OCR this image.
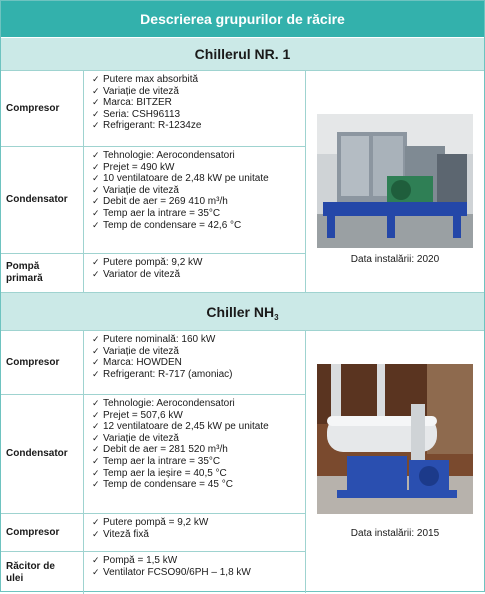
Descrierea grupurilor de răcire
Chillerul NR. 1
Compresor
✓ Putere max absorbită
✓ Variație de viteză
✓ Marca: BITZER
✓ Seria: CSH96113
✓ Refrigerant: R-1234ze
Condensator
✓ Tehnologie: Aerocondensatori
✓ Prejet = 490 kW
✓ 10 ventilatoare de 2,48 kW pe unitate
✓ Variație de viteză
✓ Debit de aer = 269 410 m³/h
✓ Temp aer la intrare = 35°C
✓ Temp de condensare = 42,6 °C
Pompă
primară
✓ Putere pompă: 9,2 kW
✓ Variator de viteză
Data instalării: 2020
Chiller $NH_3$
Compresor
✓ Putere nominală: 160 kW
✓ Variație de viteză
✓ Marca: HOWDEN
✓ Refrigerant: R-717 (amoniac)
Condensator
✓ Tehnologie: Aerocondensatori
✓ Prejet = 507,6 kW
✓ 12 ventilatoare de 2,45 kW pe unitate
✓ Variație de viteză
✓ Debit de aer = 281 520 m³/h
✓ Temp aer la intrare = 35°C
✓ Temp aer la ieșire = 40,5 °C
✓ Temp de condensare = 45 °C
Compresor
✓ Putere pompă = 9,2 kW
✓ Viteză fixă
Răcitor de
ulei
✓ Pompă = 1,5 kW
✓ Ventilator FCSO90/6PH – 1,8 kW
Data instalării: 2015
